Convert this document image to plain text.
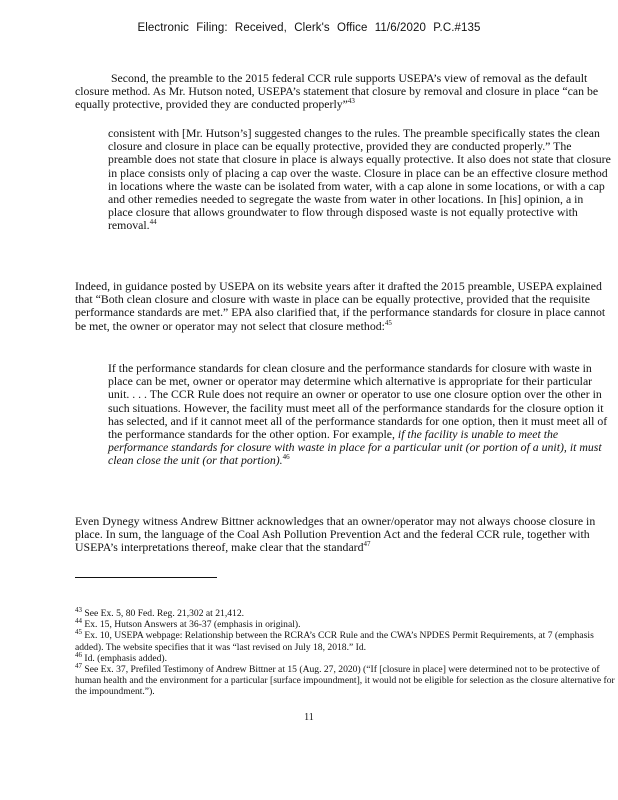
Electronic Filing: Received, Clerk's Office 11/6/2020 P.C.#135

Second, the preamble to the 2015 federal CCR rule supports USEPA’s view of removal as the default closure method. As Mr. Hutson noted, USEPA’s statement that closure by removal and closure in place “can be equally protective, provided they are conducted properly”$^{43}$

consistent with [Mr. Hutson’s] suggested changes to the rules. The preamble specifically states the clean closure and closure in place can be equally protective, provided they are conducted properly.” The preamble does not state that closure in place is always equally protective. It also does not state that closure in place consists only of placing a cap over the waste. Closure in place can be an effective closure method in locations where the waste can be isolated from water, with a cap alone in some locations, or with a cap and other remedies needed to segregate the waste from water in other locations. In [his] opinion, a in place closure that allows groundwater to flow through disposed waste is not equally protective with removal.$^{44}$

Indeed, in guidance posted by USEPA on its website years after it drafted the 2015 preamble, USEPA explained that “Both clean closure and closure with waste in place can be equally protective, provided that the requisite performance standards are met.” EPA also clarified that, if the performance standards for closure in place cannot be met, the owner or operator may not select that closure method:$^{45}$

If the performance standards for clean closure and the performance standards for closure with waste in place can be met, owner or operator may determine which alternative is appropriate for their particular unit. . . . The CCR Rule does not require an owner or operator to use one closure option over the other in such situations. However, the facility must meet all of the performance standards for the closure option it has selected, and if it cannot meet all of the performance standards for one option, then it must meet all of the performance standards for the other option. For example, if the facility is unable to meet the performance standards for closure with waste in place for a particular unit (or portion of a unit), it must clean close the unit (or that portion).$^{46}$

Even Dynegy witness Andrew Bittner acknowledges that an owner/operator may not always choose closure in place. In sum, the language of the Coal Ash Pollution Prevention Act and the federal CCR rule, together with USEPA’s interpretations thereof, make clear that the standard$^{47}$

$^{43}$ See Ex. 5, 80 Fed. Reg. 21,302 at 21,412.
$^{44}$ Ex. 15, Hutson Answers at 36-37 (emphasis in original).
$^{45}$ Ex. 10, USEPA webpage: Relationship between the RCRA’s CCR Rule and the CWA’s NPDES Permit Requirements, at 7 (emphasis added). The website specifies that it was “last revised on July 18, 2018.” Id.
$^{46}$ Id. (emphasis added).
$^{47}$ See Ex. 37, Prefiled Testimony of Andrew Bittner at 15 (Aug. 27, 2020) (“If [closure in place] were determined not to be protective of human health and the environment for a particular [surface impoundment], it would not be eligible for selection as the closure alternative for the impoundment.”).
11
